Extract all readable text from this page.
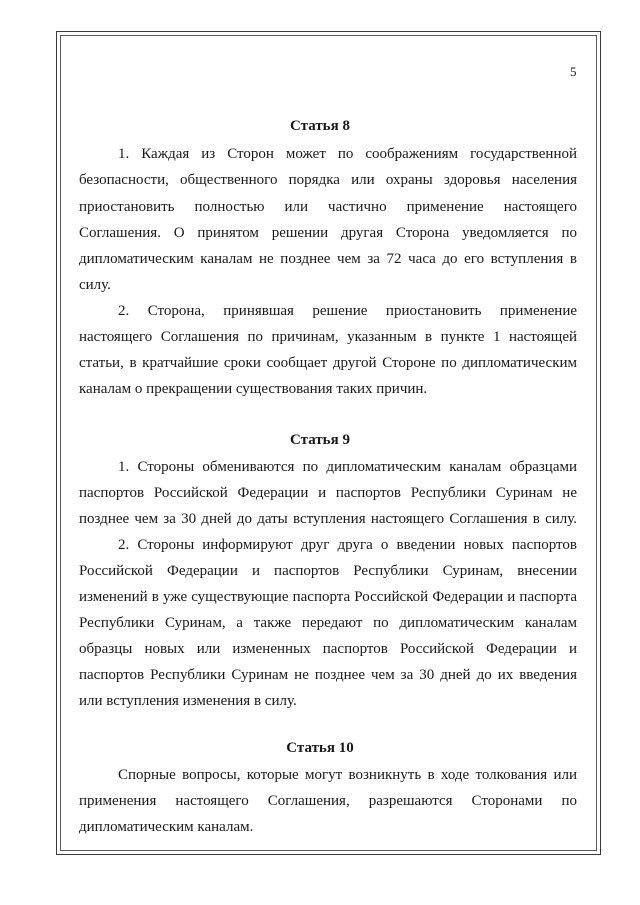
5
Статья 8
1. Каждая из Сторон может по соображениям государственной
безопасности, общественного порядка или охраны здоровья населения
приостановить полностью или частично применение настоящего
Соглашения. О принятом решении другая Сторона уведомляется по
дипломатическим каналам не позднее чем за 72 часа до его вступления в
силу.
2. Сторона, принявшая решение приостановить применение
настоящего Соглашения по причинам, указанным в пункте 1 настоящей
статьи, в кратчайшие сроки сообщает другой Стороне по дипломатическим
каналам о прекращении существования таких причин.
Статья 9
1. Стороны обмениваются по дипломатическим каналам образцами
паспортов Российской Федерации и паспортов Республики Суринам не
позднее чем за 30 дней до даты вступления настоящего Соглашения в силу.
2. Стороны информируют друг друга о введении новых паспортов
Российской Федерации и паспортов Республики Суринам, внесении
изменений в уже существующие паспорта Российской Федерации и паспорта
Республики Суринам, а также передают по дипломатическим каналам
образцы новых или измененных паспортов Российской Федерации и
паспортов Республики Суринам не позднее чем за 30 дней до их введения
или вступления изменения в силу.
Статья 10
Спорные вопросы, которые могут возникнуть в ходе толкования или
применения настоящего Соглашения, разрешаются Сторонами по
дипломатическим каналам.
